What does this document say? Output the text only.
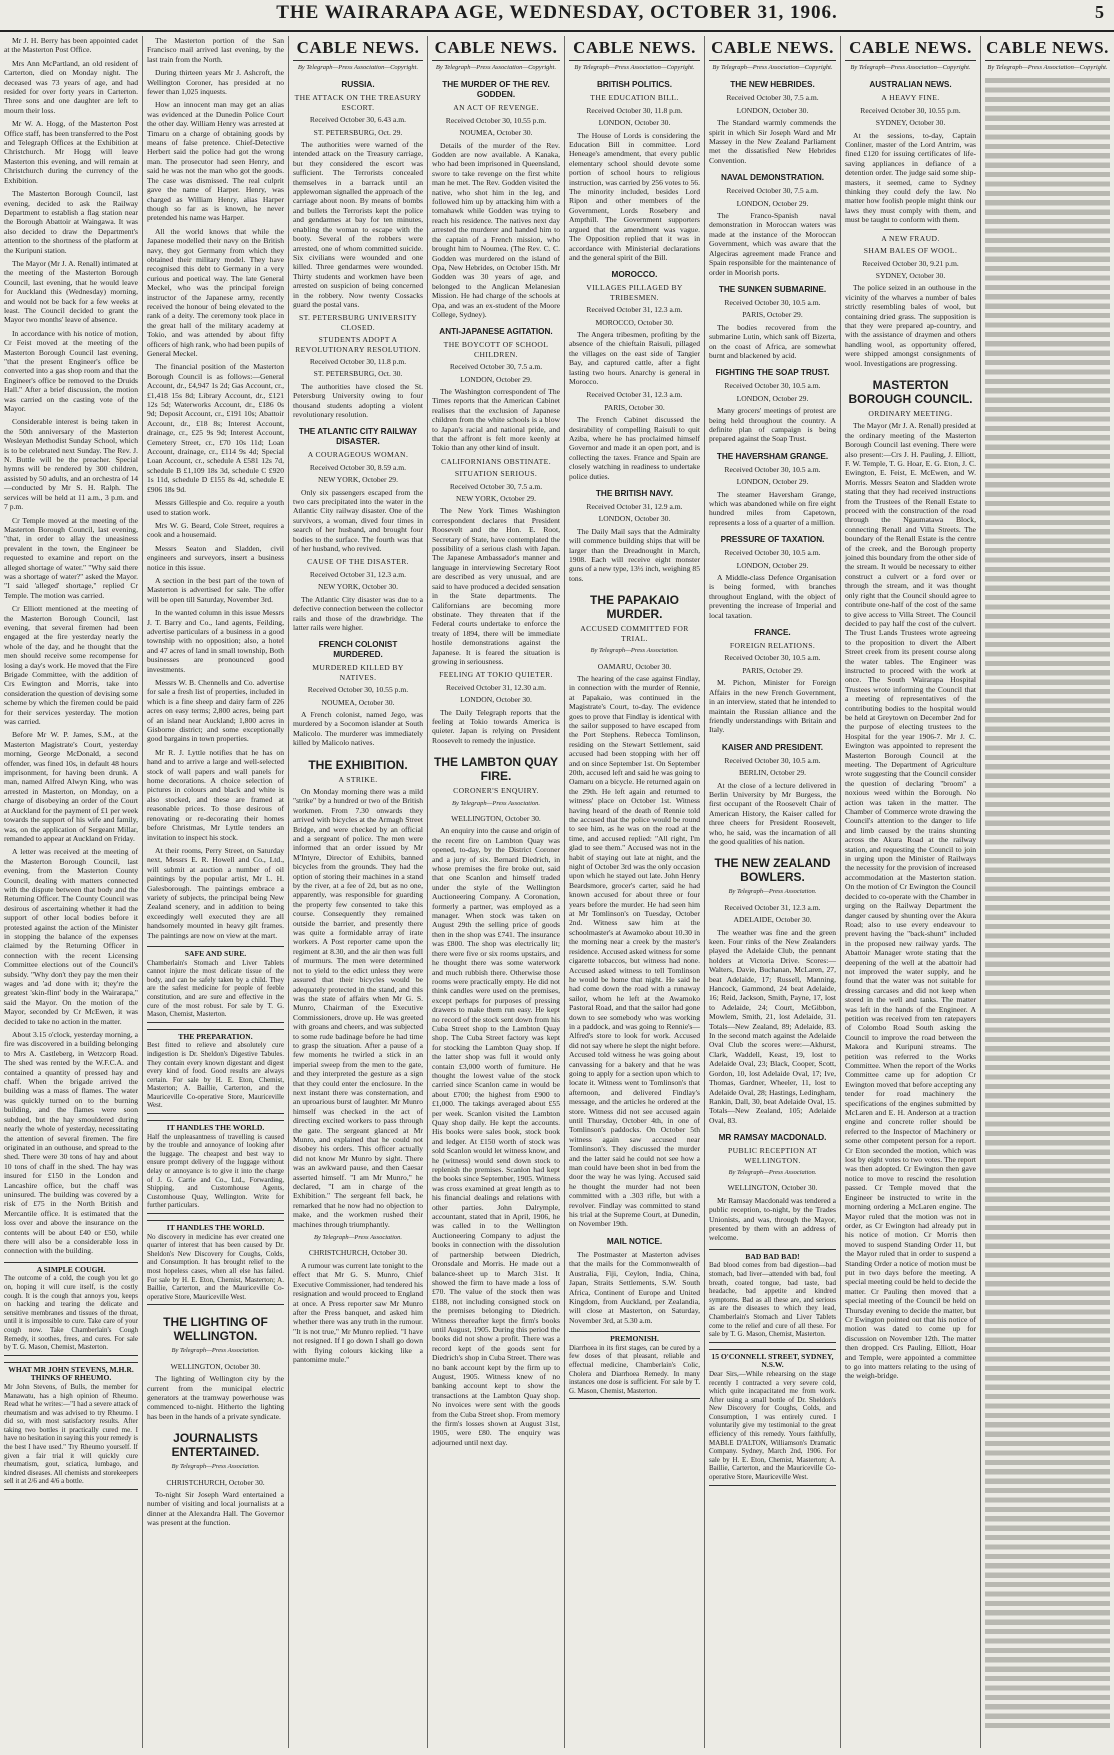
THE WAIRARAPA AGE, WEDNESDAY, OCTOBER 31, 1906.	5

Mr J. H. Berry has been appointed cadet at the Masterton Post Office.

Mrs Ann McPartland, an old resident of Carterton, died on Monday night. The deceased was 73 years of age, and had resided for over forty years in Carterton. Three sons and one daughter are left to mourn their loss.

Mr W. A. Hogg, of the Masterton Post Office staff, has been transferred to the Post and Telegraph Offices at the Exhibition at Christchurch. Mr Hogg will leave Masterton this evening, and will remain at Christchurch during the currency of the Exhibition.

The Masterton Borough Council, last evening, decided to ask the Railway Department to establish a flag station near the Borough Abattoir at Waingawa. It was also decided to draw the Department's attention to the shortness of the platform at the Kuripuni station.

The Mayor (Mr J. A. Renall) intimated at the meeting of the Masterton Borough Council, last evening, that he would leave for Auckland this (Wednesday) morning, and would not be back for a few weeks at least. The Council decided to grant the Mayor two months' leave of absence.

In accordance with his notice of motion, Cr Feist moved at the meeting of the Masterton Borough Council last evening, "that the present Engineer's office be converted into a gas shop room and that the Engineer's office be removed to the Druids Hall." After a brief discussion, the motion was carried on the casting vote of the Mayor.

Considerable interest is being taken in the 50th anniversary of the Masterton Wesleyan Methodist Sunday School, which is to be celebrated next Sunday. The Rev. J. N. Buttle will be the preacher. Special hymns will be rendered by 300 children, assisted by 50 adults, and an orchestra of 14—conducted by Mr S. H. Ralph. The services will be held at 11 a.m., 3 p.m. and 7 p.m.

Cr Temple moved at the meeting of the Masterton Borough Council, last evening, "that, in order to allay the uneasiness prevalent in the town, the Engineer be requested to examine and report on the alleged shortage of water." "Why said there was a shortage of water?" asked the Mayor. "I said 'alleged' shortage," replied Cr Temple. The motion was carried.

Cr Elliott mentioned at the meeting of the Masterton Borough Council, last evening, that several firemen had been engaged at the fire yesterday nearly the whole of the day, and he thought that the men should receive some recompense for losing a day's work. He moved that the Fire Brigade Committee, with the addition of Crs Ewington and Morris, take into consideration the question of devising some scheme by which the firemen could be paid for their services yesterday. The motion was carried.

Before Mr W. P. James, S.M., at the Masterton Magistrate's Court, yesterday morning, George McDonald, a second offender, was fined 10s, in default 48 hours imprisonment, for having been drunk. A man, named Alfred Alwyn King, who was arrested in Masterton, on Monday, on a charge of disobeying an order of the Court at Auckland for the payment of £1 per week towards the support of his wife and family, was, on the application of Sergeant Millar, remanded to appear at Auckland on Friday.

A letter was received at the meeting of the Masterton Borough Council, last evening, from the Masterton County Council, dealing with matters connected with the dispute between that body and the Returning Officer. The County Council was desirous of ascertaining whether it had the support of other local bodies before it protested against the action of the Minister in stopping the balance of the expenses claimed by the Returning Officer in connection with the recent Licensing Committee elections out of the Council's subsidy. "Why don't they pay the men their wages and 'ad done with it; they're the greatest 'skin-flint' body in the Wairarapa," said the Mayor. On the motion of the Mayor, seconded by Cr McEwen, it was decided to take no action in the matter.

About 3.15 o'clock, yesterday morning, a fire was discovered in a building belonging to Mrs A. Castleberg, in Wetzcorp Road. The shed was rented by the W.F.C.A. and contained a quantity of pressed hay and chaff. When the brigade arrived the building was a mass of flames. The water was quickly turned on to the burning building, and the flames were soon subdued, but the hay smouldered during nearly the whole of yesterday, necessitating the attention of several firemen. The fire originated in an outhouse, and spread to the shed. There were 30 tons of hay and about 10 tons of chaff in the shed. The hay was insured for £150 in the London and Lancashire office, but the chaff was uninsured. The building was covered by a risk of £75 in the North British and Mercantile office. It is estimated that the loss over and above the insurance on the contents will be about £40 or £50, while there will also be a considerable loss in connection with the building.

A SIMPLE COUGH.
The outcome of a cold, the cough you let go on, hoping it will cure itself, is the costly cough. It is the cough that annoys you, keeps on hacking and tearing the delicate and sensitive membranes and tissues of the throat, until it is impossible to cure. Take care of your cough now. Take Chamberlain's Cough Remedy, it soothes, frees, and cures. For sale by T. G. Mason, Chemist, Masterton.
WHAT MR JOHN STEVENS, M.H.R. THINKS OF RHEUMO.
Mr John Stevens, of Bulls, the member for Manawatu, has a high opinion of Rheumo. Read what he writes:—"I had a severe attack of rheumatism and was advised to try Rheumo. I did so, with most satisfactory results. After taking two bottles it practically cured me. I have no hesitation in saying this your remedy is the best I have used." Try Rheumo yourself. If given a fair trial it will quickly cure rheumatism, gout, sciatica, lumbago, and kindred diseases. All chemists and storekeepers sell it at 2/6 and 4/6 a bottle.

The Masterton portion of the San Francisco mail arrived last evening, by the last train from the North.

During thirteen years Mr J. Ashcroft, the Wellington Coroner, has presided at no fewer than 1,025 inquests.

How an innocent man may get an alias was evidenced at the Dunedin Police Court the other day. William Henry was arrested at Timaru on a charge of obtaining goods by means of false pretence. Chief-Detective Herbert said the police had got the wrong man. The prosecutor had seen Henry, and said he was not the man who got the goods. The case was dismissed. The real culprit gave the name of Harper. Henry, was charged as William Henry, alias Harper though so far as is known, he never pretended his name was Harper.

All the world knows that while the Japanese modelled their navy on the British navy, they got Germany from which they obtained their military model. They have recognised this debt to Germany in a very curious and poetical way. The late General Meckel, who was the principal foreign instructor of the Japanese army, recently received the honour of being elevated to the rank of a deity. The ceremony took place in the great hall of the military academy at Tokio, and was attended by about fifty officers of high rank, who had been pupils of General Meckel.

The financial position of the Masterton Borough Council is as follows:—General Account, dr., £4,947 1s 2d; Gas Account, cr., £1,418 15s 8d; Library Account, dr., £121 12s 5d; Waterworks Account, dr., £186 0s 9d; Deposit Account, cr., £191 10s; Abattoir Account, dr., £18 8s; Interest Account, drainage, cr., £25 9s 9d; Interest Account, Cemetery Street, cr., £70 10s 11d; Loan Account, drainage, cr., £114 9s 4d; Special Loan Account, cr., schedule A £581 12s 7d, schedule B £1,109 18s 3d, schedule C £920 1s 11d, schedule D £155 8s 4d, schedule E £906 18s 9d.

Messrs Gillespie and Co. require a youth used to station work.

Mrs W. G. Beard, Cole Street, requires a cook and a housemaid.

Messrs Seaton and Sladden, civil engineers and surveyors, insert a business notice in this issue.

A section in the best part of the town of Masterton is advertised for sale. The offer will be open till Saturday, November 3rd.

In the wanted column in this issue Messrs J. T. Barry and Co., land agents, Feilding, advertise particulars of a business in a good township with no opposition; also, a hotel and 47 acres of land in small township, Both businesses are pronounced good investments.

Messrs W. B. Chennells and Co. advertise for sale a fresh list of properties, included in which is a fine sheep and dairy farm of 226 acres on easy terms; 2,800 acres, being part of an island near Auckland; 1,800 acres in Gisborne district; and some exceptionally good bargains in town properties.

Mr R. J. Lyttle notifies that he has on hand and to arrive a large and well-selected stock of wall papers and wall panels for home decorations. A choice selection of pictures in colours and black and white is also stocked, and these are framed at reasonable prices. To those desirous of renovating or re-decorating their homes before Christmas, Mr Lyttle tenders an invitation to inspect his stock.

At their rooms, Perry Street, on Saturday next, Messrs E. R. Howell and Co., Ltd., will submit at auction a number of oil paintings by the popular artist, Mr L. H. Galesborough. The paintings embrace a variety of subjects, the principal being New Zealand scenery, and in addition to being exceedingly well executed they are all handsomely mounted in heavy gilt frames. The paintings are now on view at the mart.

SAFE AND SURE.
Chamberlain's Stomach and Liver Tablets cannot injure the most delicate tissue of the body, and can be safely taken by a child. They are the safest medicine for people of feeble constitution, and are sure and effective in the cure of the most robust. For sale by T. G. Mason, Chemist, Masterton.
THE PREPARATION.
Best fitted to relieve and absolutely cure indigestion is Dr. Sheldon's Digestive Tabules. They contain every known digestant and digest every kind of food. Good results are always certain. For sale by H. E. Eton, Chemist, Masterton; A. Baillie, Carterton, and the Mauriceville Co-operative Store, Mauriceville West.
IT HANDLES THE WORLD.
Half the unpleasantness of travelling is caused by the trouble and annoyance of looking after the luggage. The cheapest and best way to ensure prompt delivery of the luggage without delay or annoyance is to give it into the charge of J. G. Carrie and Co., Ltd., Forwarding, Shipping, and Customhouse Agents, Customhouse Quay, Wellington. Write for further particulars.
IT HANDLES THE WORLD.
No discovery in medicine has ever created one quarter of interest that has been caused by Dr. Sheldon's New Discovery for Coughs, Colds, and Consumption. It has brought relief to the most hopeless cases, when all else has failed. For sale by H. E. Eton, Chemist, Masterton; A. Baillie, Carterton, and the Mauriceville Co-operative Store, Mauriceville West.
THE LIGHTING OF WELLINGTON.
By Telegraph—Press Association.
WELLINGTON, October 30.

The lighting of Wellington city by the current from the municipal electric generators at the tramway powerhouse was commenced to-night. Hitherto the lighting has been in the hands of a private syndicate.

JOURNALISTS ENTERTAINED.
By Telegraph—Press Association.
CHRISTCHURCH, October 30.

To-night Sir Joseph Ward entertained a number of visiting and local journalists at a dinner at the Alexandra Hall. The Governor was present at the function.

CABLE NEWS.
By Telegraph—Press Association—Copyright.
RUSSIA.
THE ATTACK ON THE TREASURY ESCORT.
Received October 30, 6.43 a.m.
ST. PETERSBURG, Oct. 29.

The authorities were warned of the intended attack on the Treasury carriage, but they considered the escort was sufficient. The Terrorists concealed themselves in a barrack until an applewoman signalled the approach of the carriage about noon. By means of bombs and bullets the Terrorists kept the police and gendarmes at bay for ten minutes, enabling the woman to escape with the booty. Several of the robbers were arrested, one of whom committed suicide. Six civilians were wounded and one killed. Three gendarmes were wounded. Thirty students and workmen have been arrested on suspicion of being concerned in the robbery. Now twenty Cossacks guard the postal vans.

ST. PETERSBURG UNIVERSITY CLOSED.
STUDENTS ADOPT A REVOLUTIONARY RESOLUTION.
Received October 30, 11.8 p.m.
ST. PETERSBURG, Oct. 30.

The authorities have closed the St. Petersburg University owing to four thousand students adopting a violent revolutionary resolution.

THE ATLANTIC CITY RAILWAY DISASTER.
A COURAGEOUS WOMAN.
Received October 30, 8.59 a.m.
NEW YORK, October 29.

Only six passengers escaped from the two cars precipitated into the water in the Atlantic City railway disaster. One of the survivors, a woman, dived four times in search of her husband, and brought four bodies to the surface. The fourth was that of her husband, who revived.

CAUSE OF THE DISASTER.
Received October 31, 12.3 a.m.
NEW YORK, October 30.

The Atlantic City disaster was due to a defective connection between the collector rails and those of the drawbridge. The latter rails were higher.

FRENCH COLONIST MURDERED.
MURDERED KILLED BY NATIVES.
Received October 30, 10.55 p.m.
NOUMEA, October 30.

A French colonist, named Jego, was murdered by a Socomon islander at South Malicolo. The murderer was immediately killed by Malicolo natives.

THE EXHIBITION.
A STRIKE.

On Monday morning there was a mild "strike" by a hundred or two of the British workmen. From 7.30 onwards they arrived with bicycles at the Armagh Street Bridge, and were checked by an official and a sergeant of police. The men were informed that an order issued by Mr M'Intyre, Director of Exhibits, banned bicycles from the grounds. They had the option of storing their machines in a stand by the river, at a fee of 2d, but as no one, apparently, was responsible for guarding the property few consented to take this course. Consequently they remained outside the barrier, and presently there was quite a formidable array of irate workers. A Post reporter came upon the regiment at 8.30, and the air then was full of murmurs. The men were determined not to yield to the edict unless they were assured that their bicycles would be adequately protected in the stand, and this was the state of affairs when Mr G. S. Munro, Chairman of the Executive Commissioners, drove up. He was greeted with groans and cheers, and was subjected to some rude badinage before he had time to grasp the situation. After a pause of a few moments he twirled a stick in an imperial sweep from the men to the gate, and they interpreted the gesture as a sign that they could enter the enclosure. In the next instant there was consternation, and an uproarious burst of laughter. Mr Munro himself was checked in the act of directing excited workers to pass through the gate. The sergeant glanced at Mr Munro, and explained that he could not disobey his orders. This officer actually did not know Mr Munro by sight. There was an awkward pause, and then Caesar asserted himself. "I am Mr Munro," he declared, "I am in charge of the Exhibition." The sergeant fell back, he remarked that he now had no objection to make, and the workmen rushed their machines through triumphantly.

By Telegraph—Press Association.
CHRISTCHURCH, October 30.

A rumour was current late tonight to the effect that Mr G. S. Munro, Chief Executive Commissioner, had tendered his resignation and would proceed to England at once. A Press reporter saw Mr Munro after the Press banquet, and asked him whether there was any truth in the rumour. "It is not true," Mr Munro replied. "I have not resigned. If I go down I shall go down with flying colours kicking like a pantomime mule."

CABLE NEWS.
By Telegraph—Press Association—Copyright.
THE MURDER OF THE REV. GODDEN.
AN ACT OF REVENGE.
Received October 30, 10.55 p.m.
NOUMEA, October 30.

Details of the murder of the Rev. Godden are now available. A Kanaka, who had been imprisoned in Queensland, swore to take revenge on the first white man he met. The Rev. Godden visited the native, who shot him in the leg, and followed him up by attacking him with a tomahawk while Godden was trying to reach his residence. The natives next day arrested the murderer and handed him to the captain of a French mission, who brought him to Noumea. (The Rev. C. C. Godden was murdered on the island of Opa, New Hebrides, on October 15th. Mr Godden was 30 years of age, and belonged to the Anglican Melanesian Mission. He had charge of the schools at Opa, and was an ex-student of the Moore College, Sydney).

ANTI-JAPANESE AGITATION.
THE BOYCOTT OF SCHOOL CHILDREN.
Received October 30, 7.5 a.m.
LONDON, October 29.

The Washington correspondent of The Times reports that the American Cabinet realises that the exclusion of Japanese children from the white schools is a blow to Japan's racial and national pride, and that the affront is felt more keenly at Tokio than any other kind of insult.

CALIFORNIANS OBSTINATE.
SITUATION SERIOUS.
Received October 30, 7.5 a.m.
NEW YORK, October 29.

The New York Times Washington correspondent declares that President Roosevelt and the Hon. E. Root, Secretary of State, have contemplated the possibility of a serious clash with Japan. The Japanese Ambassador's manner and language in interviewing Secretary Root are described as very unusual, and are said to have produced a decided sensation in the State departments. The Californians are becoming more obstinate. They threaten that if the Federal courts undertake to enforce the treaty of 1894, there will be immediate hostile demonstrations against the Japanese. It is feared the situation is growing in seriousness.

FEELING AT TOKIO QUIETER.
Received October 31, 12.30 a.m.
LONDON, October 30.

The Daily Telegraph reports that the feeling at Tokio towards America is quieter. Japan is relying on President Roosevelt to remedy the injustice.

THE LAMBTON QUAY FIRE.
CORONER'S ENQUIRY.
By Telegraph—Press Association.
WELLINGTON, October 30.

An enquiry into the cause and origin of the recent fire on Lambton Quay was opened, to-day, by the District Coroner and a jury of six. Bernard Diedrich, in whose premises the fire broke out, said that one Scanlon and himself traded under the style of the Wellington Auctioneering Company. A Coronation, formerly a partner, was employed as a manager. When stock was taken on August 29th the selling price of goods then in the shop was £741. The insurance was £800. The shop was electrically lit; there were five or six rooms upstairs, and he thought there was some waterwork and much rubbish there. Otherwise those rooms were practically empty. He did not think candles were used on the premises, except perhaps for purposes of pressing drawers to make them run easy. He kept no record of the stock sent down from his Cuba Street shop to the Lambton Quay shop. The Cuba Street factory was kept for stocking the Lambton Quay shop. If the latter shop was full it would only contain £3,000 worth of furniture. He thought the lowest value of the stock carried since Scanlon came in would be about £700; the highest from £900 to £1,000. The takings averaged about £55 per week. Scanlon visited the Lambton Quay shop daily. He kept the accounts. His books were sales book, stock book and ledger. At £150 worth of stock was sold Scanlon would let witness know, and he (witness) would send down stock to replenish the premises. Scanlon had kept the books since September, 1905. Witness was cross examined at great length as to his financial dealings and relations with other parties. John Dalrymple, accountant, stated that in April, 1906, he was called in to the Wellington Auctioneering Company to adjust the books in connection with the dissolution of partnership between Diedrich, Oronsdale and Morris. He made out a balance-sheet up to March 31st. It showed the firm to have made a loss of £70. The value of the stock then was £188, not including consigned stock on the premises belonging to Diedrich. Witness thereafter kept the firm's books until August, 1905. During this period the books did not show a profit. There was a record kept of the goods sent for Diedrich's shop in Cuba Street. There was no bank account kept by the firm up to August, 1905. Witness knew of no banking account kept to show the transactions at the Lambton Quay shop. No invoices were sent with the goods from the Cuba Street shop. From memory the firm's losses shown at August 31st, 1905, were £80. The enquiry was adjourned until next day.

CABLE NEWS.
By Telegraph—Press Association—Copyright.
BRITISH POLITICS.
THE EDUCATION BILL.
Received October 30, 11.8 p.m.
LONDON, October 30.

The House of Lords is considering the Education Bill in committee. Lord Heneage's amendment, that every public elementary school should devote some portion of school hours to religious instruction, was carried by 256 votes to 56. The minority included, besides Lord Ripon and other members of the Government, Lords Rosebery and Ampthill. The Government supporters argued that the amendment was vague. The Opposition replied that it was in accordance with Ministerial declarations and the general spirit of the Bill.

MOROCCO.
VILLAGES PILLAGED BY TRIBESMEN.
Received October 31, 12.3 a.m.
MOROCCO, October 30.

The Angera tribesmen, profiting by the absence of the chieftain Raisuli, pillaged the villages on the east side of Tangier Bay, and captured cattle, after a fight lasting two hours. Anarchy is general in Morocco.

Received October 31, 12.3 a.m.
PARIS, October 30.

The French Cabinet discussed the desirability of compelling Raisuli to quit Aziba, where he has proclaimed himself Governor and made it an open port, and is collecting the taxes. France and Spain are closely watching in readiness to undertake police duties.

THE BRITISH NAVY.
Received October 31, 12.9 a.m.
LONDON, October 30.

The Daily Mail says that the Admiralty will commence building ships that will be larger than the Dreadnought in March, 1908. Each will receive eight monster guns of a new type, 13½ inch, weighing 85 tons.

THE PAPAKAIO MURDER.
ACCUSED COMMITTED FOR TRIAL.
By Telegraph—Press Association.
OAMARU, October 30.

The hearing of the case against Findlay, in connection with the murder of Rennie, at Papakaio, was continued in the Magistrate's Court, to-day. The evidence goes to prove that Findlay is identical with the sailor supposed to have escaped from the Port Stephens. Rebecca Tomlinson, residing on the Stewart Settlement, said accused had been stopping with her off and on since September 1st. On September 20th, accused left and said he was going to Oamaru on a bicycle. He returned again on the 29th. He left again and returned to witness' place on October 1st. Witness having heard of the death of Rennie told the accused that the police would be round to see him, as he was on the road at the time, and accused replied: "All right, I'm glad to see them." Accused was not in the habit of staying out late at night, and the night of October 3rd was the only occasion upon which he stayed out late. John Henry Beardsmore, grocer's carter, said he had known accused for about three or four years before the murder. He had seen him at Mr Tomlinson's on Tuesday, October 2nd. Witness saw him at the schoolmaster's at Awamoko about 10.30 in the morning near a creek by the master's residence. Accused asked witness for some cigarette tobaccos, but witness had none. Accused asked witness to tell Tomlinson he would be home that night. He said he had come down the road with a runaway sailor, whom he left at the Awamoko Pastoral Road, and that the sailor had gone down to see somebody who was working in a paddock, and was going to Rennie's—Alfred's store to look for work. Accused did not say where he slept the night before. Accused told witness he was going about canvassing for a bakery and that he was going to apply for a section upon which to locate it. Witness went to Tomlinson's that afternoon, and delivered Findlay's message, and the articles he ordered at the store. Witness did not see accused again until Thursday, October 4th, in one of Tomlinson's paddocks. On October 5th witness again saw accused near Tomlinson's. They discussed the murder and the latter said he could not see how a man could have been shot in bed from the door the way he was lying. Accused said he thought the murder had not been committed with a .303 rifle, but with a revolver. Findlay was committed to stand his trial at the Supreme Court, at Dunedin, on November 19th.

MAIL NOTICE.

The Postmaster at Masterton advises that the mails for the Commonwealth of Australia, Fiji, Ceylon, India, China, Japan, Straits Settlements, S.W. South Africa, Continent of Europe and United Kingdom, from Auckland, per Zealandia, will close at Masterton, on Saturday, November 3rd, at 5.30 a.m.

PREMONISH.
Diarrhoea in its first stages, can be cured by a few doses of that pleasant, reliable and effectual medicine, Chamberlain's Colic, Cholera and Diarrhoea Remedy. In many instances one dose is sufficient. For sale by T. G. Mason, Chemist, Masterton.
CABLE NEWS.
By Telegraph—Press Association—Copyright.
THE NEW HEBRIDES.
Received October 30, 7.5 a.m.
LONDON, October 30.

The Standard warmly commends the spirit in which Sir Joseph Ward and Mr Massey in the New Zealand Parliament met the dissatisfied New Hebrides Convention.

NAVAL DEMONSTRATION.
Received October 30, 7.5 a.m.
LONDON, October 29.

The Franco-Spanish naval demonstration in Moroccan waters was made at the instance of the Moroccan Government, which was aware that the Algeciras agreement made France and Spain responsible for the maintenance of order in Moorish ports.

THE SUNKEN SUBMARINE.
Received October 30, 10.5 a.m.
PARIS, October 29.

The bodies recovered from the submarine Lutin, which sank off Bizerta, on the coast of Africa, are somewhat burnt and blackened by acid.

FIGHTING THE SOAP TRUST.
Received October 30, 10.5 a.m.
LONDON, October 29.

Many grocers' meetings of protest are being held throughout the country. A definite plan of campaign is being prepared against the Soap Trust.

THE HAVERSHAM GRANGE.
Received October 30, 10.5 a.m.
LONDON, October 29.

The steamer Haversham Grange, which was abandoned while on fire eight hundred miles from Capetown, represents a loss of a quarter of a million.

PRESSURE OF TAXATION.
Received October 30, 10.5 a.m.
LONDON, October 29.

A Middle-class Defence Organisation is being formed, with branches throughout England, with the object of preventing the increase of Imperial and local taxation.

FRANCE.
FOREIGN RELATIONS.
Received October 30, 10.5 a.m.
PARIS, October 29.

M. Pichon, Minister for Foreign Affairs in the new French Government, in an interview, stated that he intended to maintain the Russian alliance and the friendly understandings with Britain and Italy.

KAISER AND PRESIDENT.
Received October 30, 10.5 a.m.
BERLIN, October 29.

At the close of a lecture delivered in Berlin University by Mr Burgess, the first occupant of the Roosevelt Chair of American History, the Kaiser called for three cheers for President Roosevelt, who, he said, was the incarnation of all the good qualities of his nation.

THE NEW ZEALAND BOWLERS.
By Telegraph—Press Association.
Received October 31, 12.3 a.m.
ADELAIDE, October 30.

The weather was fine and the green keen. Four rinks of the New Zealanders played the Adelaide Club, the pennant holders at Victoria Drive. Scores:—Walters, Davie, Buchanan, McLaren, 27, beat Adelaide, 17; Russell, Manning, Hancock, Gammond, 24 beat Adelaide, 16; Reid, Jackson, Smith, Payne, 17, lost to Adelaide, 24; Court, McGibbon, Mowlem, Smith, 21, lost Adelaide, 31. Totals—New Zealand, 89; Adelaide, 83. In the second match against the Adelaide Oval Club the scores were:—Akhurst, Clark, Waddell, Keast, 19, lost to Adelaide Oval, 23; Black, Cooper, Scott, Gordon, 10, lost Adelaide Oval, 17; Ive, Thomas, Gardner, Wheeler, 11, lost to Adelaide Oval, 28; Hastings, Ledingham, Rankin, Dall, 30, beat Adelaide Oval, 15. Totals—New Zealand, 105; Adelaide Oval, 83.

MR RAMSAY MACDONALD.
PUBLIC RECEPTION AT WELLINGTON.
By Telegraph—Press Association.
WELLINGTON, October 30.

Mr Ramsay Macdonald was tendered a public reception, to-night, by the Trades Unionists, and was, through the Mayor, presented by them with an address of welcome.

BAD BAD BAD!
Bad blood comes from bad digestion—bad stomach, bad liver—attended with bad, foul breath, coated tongue, bad taste, bad headache, bad appetite and kindred symptoms. Bad as all these are, and serious as are the diseases to which they lead, Chamberlain's Stomach and Liver Tablets come to the relief and cure of all these. For sale by T. G. Mason, Chemist, Masterton.
15 O'CONNELL STREET, SYDNEY, N.S.W.
Dear Sirs,—While rehearsing on the stage recently I contracted a very severe cold, which quite incapacitated me from work. After using a small bottle of Dr. Sheldon's New Discovery for Coughs, Colds, and Consumption, I was entirely cured. I voluntarily give my testimonial to the great efficiency of this remedy. Yours faithfully, MABLE D'ALTON, Williamson's Dramatic Company. Sydney, March 2nd, 1906. For sale by H. E. Eton, Chemist, Masterton; A. Baillie, Carterton, and the Mauriceville Co-operative Store, Mauriceville West.
CABLE NEWS.
By Telegraph—Press Association—Copyright.
AUSTRALIAN NEWS.
A HEAVY FINE.
Received October 30, 10.55 p.m.
SYDNEY, October 30.

At the sessions, to-day, Captain Conliner, master of the Lord Antrim, was fined £120 for issuing certificates of life-saving appliances in defiance of a detention order. The judge said some ship-masters, it seemed, came to Sydney thinking they could defy the law. No matter how foolish people might think our laws they must comply with them, and must be taught to conform with them.

A NEW FRAUD.
SHAM BALES OF WOOL.
Received October 30, 9.21 p.m.
SYDNEY, October 30.

The police seized in an outhouse in the vicinity of the wharves a number of bales strictly resembling bales of wool, but containing dried grass. The supposition is that they were prepared ap-country, and with the assistance of draymen and others handling wool, as opportunity offered, were shipped amongst consignments of wool. Investigations are progressing.

MASTERTON BOROUGH COUNCIL.
ORDINARY MEETING.

The Mayor (Mr J. A. Renall) presided at the ordinary meeting of the Masterton Borough Council last evening. There were also present:—Crs J. H. Pauling, J. Elliott, F. W. Temple, T. G. Hoar, E. G. Eton, J. C. Ewington, E. Feist, E. McEwen, and W. Morris. Messrs Seaton and Sladden wrote stating that they had received instructions from the Trustees of the Renall Estate to proceed with the construction of the road through the Ngaumatawa Block, connecting Renall and Villa Streets. The boundary of the Renall Estate is the centre of the creek, and the Borough property joined this boundary from the other side of the stream. It would be necessary to either construct a culvert or a ford over or through the stream, and it was thought only right that the Council should agree to contribute one-half of the cost of the same to give access to Villa Street. The Council decided to pay half the cost of the culvert. The Trust Lands Trustees wrote agreeing to the proposition to divert the Albert Street creek from its present course along the water tables. The Engineer was instructed to proceed with the work at once. The South Wairarapa Hospital Trustees wrote informing the Council that a meeting of representatives of the contributing bodies to the hospital would be held at Greytown on December 2nd for the purpose of electing trustees to the Hospital for the year 1906-7. Mr J. C. Ewington was appointed to represent the Masterton Borough Council at the meeting. The Department of Agriculture wrote suggesting that the Council consider the question of declaring "broom" a noxious weed within the Borough. No action was taken in the matter. The Chamber of Commerce wrote drawing the Council's attention to the danger to life and limb caused by the trains shunting across the Akura Road at the railway station, and requesting the Council to join in urging upon the Minister of Railways the necessity for the provision of increased accommodation at the Masterton station. On the motion of Cr Ewington the Council decided to co-operate with the Chamber in urging on the Railway Department the danger caused by shunting over the Akura Road; also to use every endeavour to prevent having the "back-shunt" included in the proposed new railway yards. The Abattoir Manager wrote stating that the deepening of the well at the abattoir had not improved the water supply, and he found that the water was not suitable for dressing carcases and did not keep when stored in the well and tanks. The matter was left in the hands of the Engineer. A petition was received from ten ratepayers of Colombo Road South asking the Council to improve the road between the Makora and Kuripuni streams. The petition was referred to the Works Committee. When the report of the Works Committee came up for adoption Cr Ewington moved that before accepting any tender for road machinery the specifications of the engines submitted by McLaren and E. H. Anderson at a traction engine and concrete roller should be referred to the Inspector of Machinery or some other competent person for a report. Cr Eton seconded the motion, which was lost by eight votes to two votes. The report was then adopted. Cr Ewington then gave notice to move to rescind the resolution passed. Cr Temple moved that the Engineer be instructed to write in the morning ordering a McLaren engine. The Mayor ruled that the motion was not in order, as Cr Ewington had already put in his notice of motion. Cr Morris then moved to suspend Standing Order 11, but the Mayor ruled that in order to suspend a Standing Order a notice of motion must be put in two days before the meeting. A special meeting could be held to decide the matter. Cr Pauling then moved that a special meeting of the Council be held on Thursday evening to decide the matter, but Cr Ewington pointed out that his notice of motion was dated to come up for discussion on November 12th. The matter then dropped. Crs Pauling, Elliott, Hoar and Temple, were appointed a committee to go into matters relating to the using of the weigh-bridge.

CABLE NEWS.
By Telegraph—Press Association—Copyright.
